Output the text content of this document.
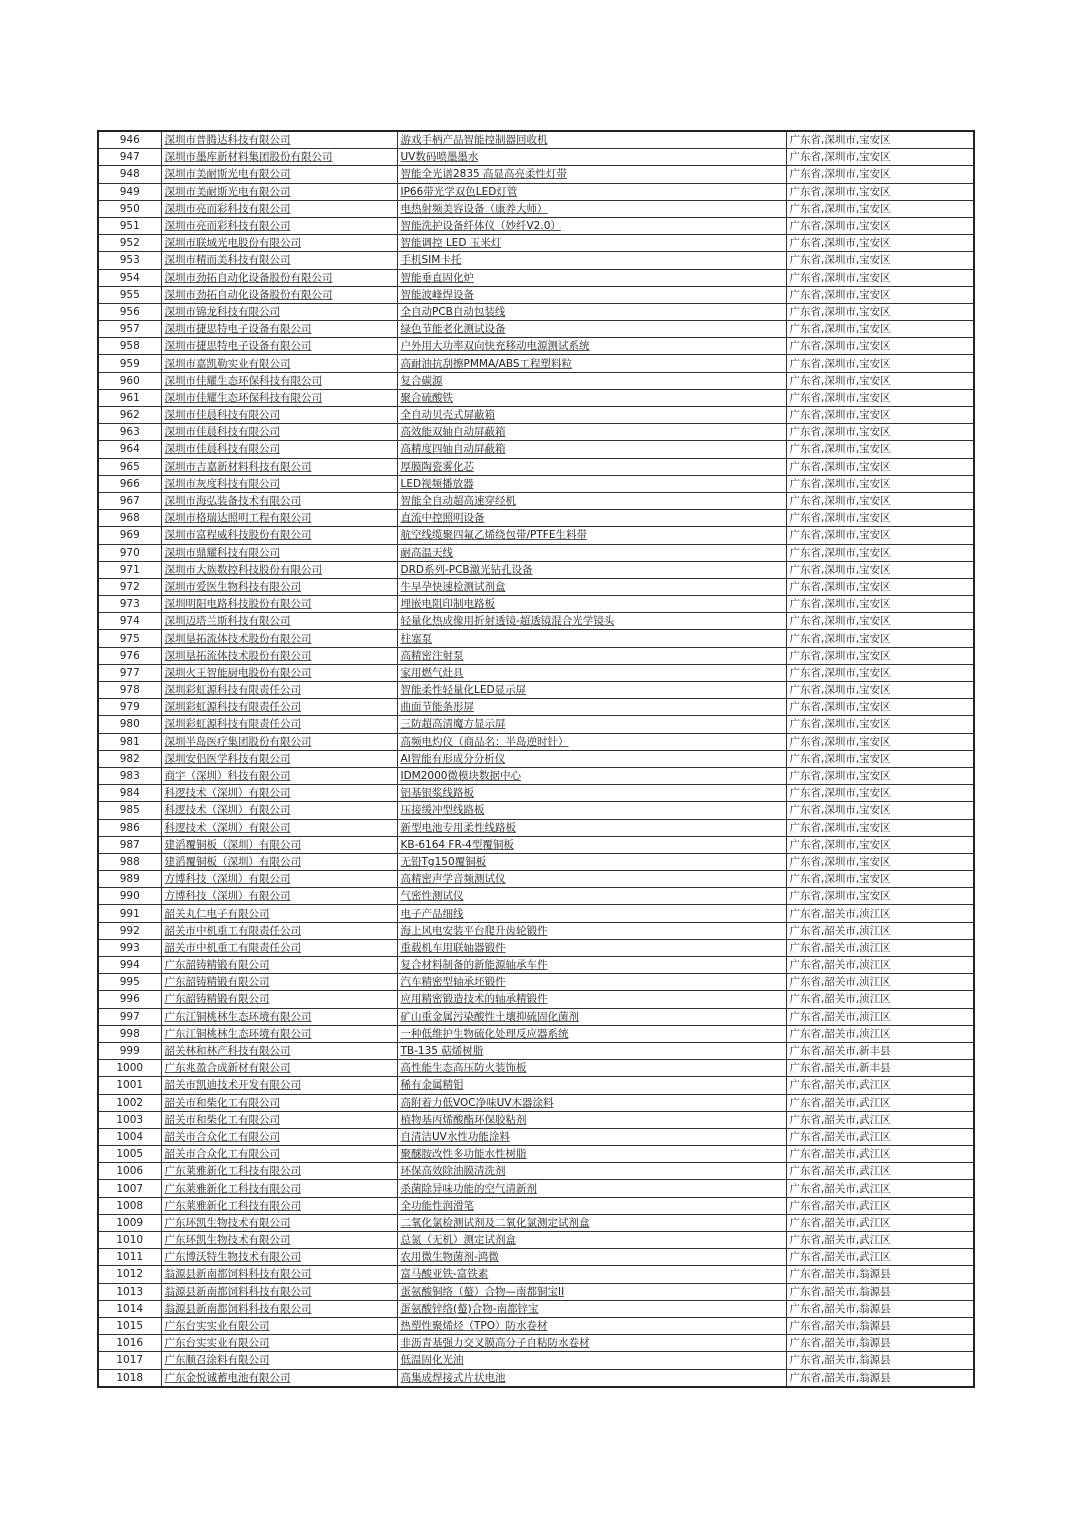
946	深圳市普腾达科技有限公司	游戏手柄产品智能控制器回收机	广东省,深圳市,宝安区
947	深圳市墨库新材料集团股份有限公司	UV数码喷墨墨水	广东省,深圳市,宝安区
948	深圳市美耐斯光电有限公司	智能全光谱2835 高显高亮柔性灯带	广东省,深圳市,宝安区
949	深圳市美耐斯光电有限公司	IP66带光学双色LED灯管	广东省,深圳市,宝安区
950	深圳市亮而彩科技有限公司	电热射频美容设备（康养大师）	广东省,深圳市,宝安区
951	深圳市亮而彩科技有限公司	智能洗护设备纤体仪（妙纤V2.0）	广东省,深圳市,宝安区
952	深圳市联域光电股份有限公司	智能调控 LED 玉米灯	广东省,深圳市,宝安区
953	深圳市精而美科技有限公司	手机SIM卡托	广东省,深圳市,宝安区
954	深圳市劲拓自动化设备股份有限公司	智能垂直固化炉	广东省,深圳市,宝安区
955	深圳市劲拓自动化设备股份有限公司	智能波峰焊设备	广东省,深圳市,宝安区
956	深圳市锦龙科技有限公司	全自动PCB自动包装线	广东省,深圳市,宝安区
957	深圳市捷思特电子设备有限公司	绿色节能老化测试设备	广东省,深圳市,宝安区
958	深圳市捷思特电子设备有限公司	户外用大功率双向快充移动电源测试系统	广东省,深圳市,宝安区
959	深圳市嘉凯勒实业有限公司	高耐油抗刮擦PMMA/ABS工程塑料粒	广东省,深圳市,宝安区
960	深圳市佳耀生态环保科技有限公司	复合碳源	广东省,深圳市,宝安区
961	深圳市佳耀生态环保科技有限公司	聚合硫酸铁	广东省,深圳市,宝安区
962	深圳市佳晨科技有限公司	全自动贝壳式屏蔽箱	广东省,深圳市,宝安区
963	深圳市佳晨科技有限公司	高效能双轴自动屏蔽箱	广东省,深圳市,宝安区
964	深圳市佳晨科技有限公司	高精度四轴自动屏蔽箱	广东省,深圳市,宝安区
965	深圳市吉嘉新材料科技有限公司	厚膜陶瓷雾化芯	广东省,深圳市,宝安区
966	深圳市灰度科技有限公司	LED视频播放器	广东省,深圳市,宝安区
967	深圳市海弘装备技术有限公司	智能全自动超高速穿经机	广东省,深圳市,宝安区
968	深圳市格瑞达照明工程有限公司	直流中控照明设备	广东省,深圳市,宝安区
969	深圳市富程威科技股份有限公司	航空线缆聚四氟乙烯绕包带/PTFE生料带	广东省,深圳市,宝安区
970	深圳市鼎耀科技有限公司	耐高温天线	广东省,深圳市,宝安区
971	深圳市大族数控科技股份有限公司	DRD系列-PCB激光钻孔设备	广东省,深圳市,宝安区
972	深圳市爱医生物科技有限公司	牛早孕快速检测试剂盒	广东省,深圳市,宝安区
973	深圳明阳电路科技股份有限公司	埋嵌电阻印制电路板	广东省,深圳市,宝安区
974	深圳迈塔兰斯科技有限公司	轻量化热成像用折射透镜-超透镜混合光学镜头	广东省,深圳市,宝安区
975	深圳垦拓流体技术股份有限公司	柱塞泵	广东省,深圳市,宝安区
976	深圳垦拓流体技术股份有限公司	高精密注射泵	广东省,深圳市,宝安区
977	深圳火王智能厨电股份有限公司	家用燃气灶具	广东省,深圳市,宝安区
978	深圳彩虹源科技有限责任公司	智能柔性轻量化LED显示屏	广东省,深圳市,宝安区
979	深圳彩虹源科技有限责任公司	曲面节能条形屏	广东省,深圳市,宝安区
980	深圳彩虹源科技有限责任公司	三防超高清魔方显示屏	广东省,深圳市,宝安区
981	深圳半岛医疗集团股份有限公司	高频电灼仪（商品名：半岛逆时针）	广东省,深圳市,宝安区
982	深圳安侣医学科技有限公司	AI智能有形成分分析仪	广东省,深圳市,宝安区
983	商宇（深圳）科技有限公司	IDM2000微模块数据中心	广东省,深圳市,宝安区
984	科逻技术（深圳）有限公司	铝基银浆线路板	广东省,深圳市,宝安区
985	科逻技术（深圳）有限公司	压接缓冲型线路板	广东省,深圳市,宝安区
986	科逻技术（深圳）有限公司	新型电池专用柔性线路板	广东省,深圳市,宝安区
987	建滔覆铜板（深圳）有限公司	KB-6164 FR-4型覆铜板	广东省,深圳市,宝安区
988	建滔覆铜板（深圳）有限公司	无铅Tg150覆铜板	广东省,深圳市,宝安区
989	方博科技（深圳）有限公司	高精密声学音频测试仪	广东省,深圳市,宝安区
990	方博科技（深圳）有限公司	气密性测试仪	广东省,深圳市,宝安区
991	韶关丸仁电子有限公司	电子产品细线	广东省,韶关市,浈江区
992	韶关市中机重工有限责任公司	海上风电安装平台爬升齿轮锻件	广东省,韶关市,浈江区
993	韶关市中机重工有限责任公司	重载机车用联轴器锻件	广东省,韶关市,浈江区
994	广东韶铸精锻有限公司	复合材料制备的新能源轴承车件	广东省,韶关市,浈江区
995	广东韶铸精锻有限公司	汽车精密型轴承坯锻件	广东省,韶关市,浈江区
996	广东韶铸精锻有限公司	应用精密锻造技术的轴承精锻件	广东省,韶关市,浈江区
997	广东江铜桃林生态环境有限公司	矿山重金属污染酸性土壤抑硫固化菌剂	广东省,韶关市,浈江区
998	广东江铜桃林生态环境有限公司	一种低维护生物硫化处理反应器系统	广东省,韶关市,浈江区
999	韶关林和林产科技有限公司	TB-135 萜烯树脂	广东省,韶关市,新丰县
1000	广东兆盈合成新材有限公司	高性能生态高压防火装饰板	广东省,韶关市,新丰县
1001	韶关市凯迪技术开发有限公司	稀有金属精钼	广东省,韶关市,武江区
1002	韶关市和柴化工有限公司	高附着力低VOC净味UV木器涂料	广东省,韶关市,武江区
1003	韶关市和柴化工有限公司	植物基丙烯酸酯环保胶粘剂	广东省,韶关市,武江区
1004	韶关市合众化工有限公司	自清洁UV水性功能涂料	广东省,韶关市,武江区
1005	韶关市合众化工有限公司	聚醚胺改性多功能水性树脂	广东省,韶关市,武江区
1006	广东莱雅新化工科技有限公司	环保高效除油膜清洗剂	广东省,韶关市,武江区
1007	广东莱雅新化工科技有限公司	杀菌除异味功能的空气清新剂	广东省,韶关市,武江区
1008	广东莱雅新化工科技有限公司	全功能性润滑笔	广东省,韶关市,武江区
1009	广东环凯生物技术有限公司	二氧化氯检测试剂及二氧化氯测定试剂盒	广东省,韶关市,武江区
1010	广东环凯生物技术有限公司	总氮（无机）测定试剂盒	广东省,韶关市,武江区
1011	广东博沃特生物技术有限公司	农用微生物菌剂-鸿微	广东省,韶关市,武江区
1012	翁源县新南都饲料科技有限公司	富马酸亚铁-富铁素	广东省,韶关市,翁源县
1013	翁源县新南都饲料科技有限公司	蛋氨酸铜络（螯）合物—南都铜宝II	广东省,韶关市,翁源县
1014	翁源县新南都饲料科技有限公司	蛋氨酸锌络(螯)合物-南都锌宝	广东省,韶关市,翁源县
1015	广东台实实业有限公司	热塑性聚烯烃（TPO）防水卷材	广东省,韶关市,翁源县
1016	广东台实实业有限公司	非沥青基强力交叉膜高分子自粘防水卷材	广东省,韶关市,翁源县
1017	广东顺召涂料有限公司	低温固化光油	广东省,韶关市,翁源县
1018	广东金悦诚蓄电池有限公司	高集成焊接式片状电池	广东省,韶关市,翁源县
